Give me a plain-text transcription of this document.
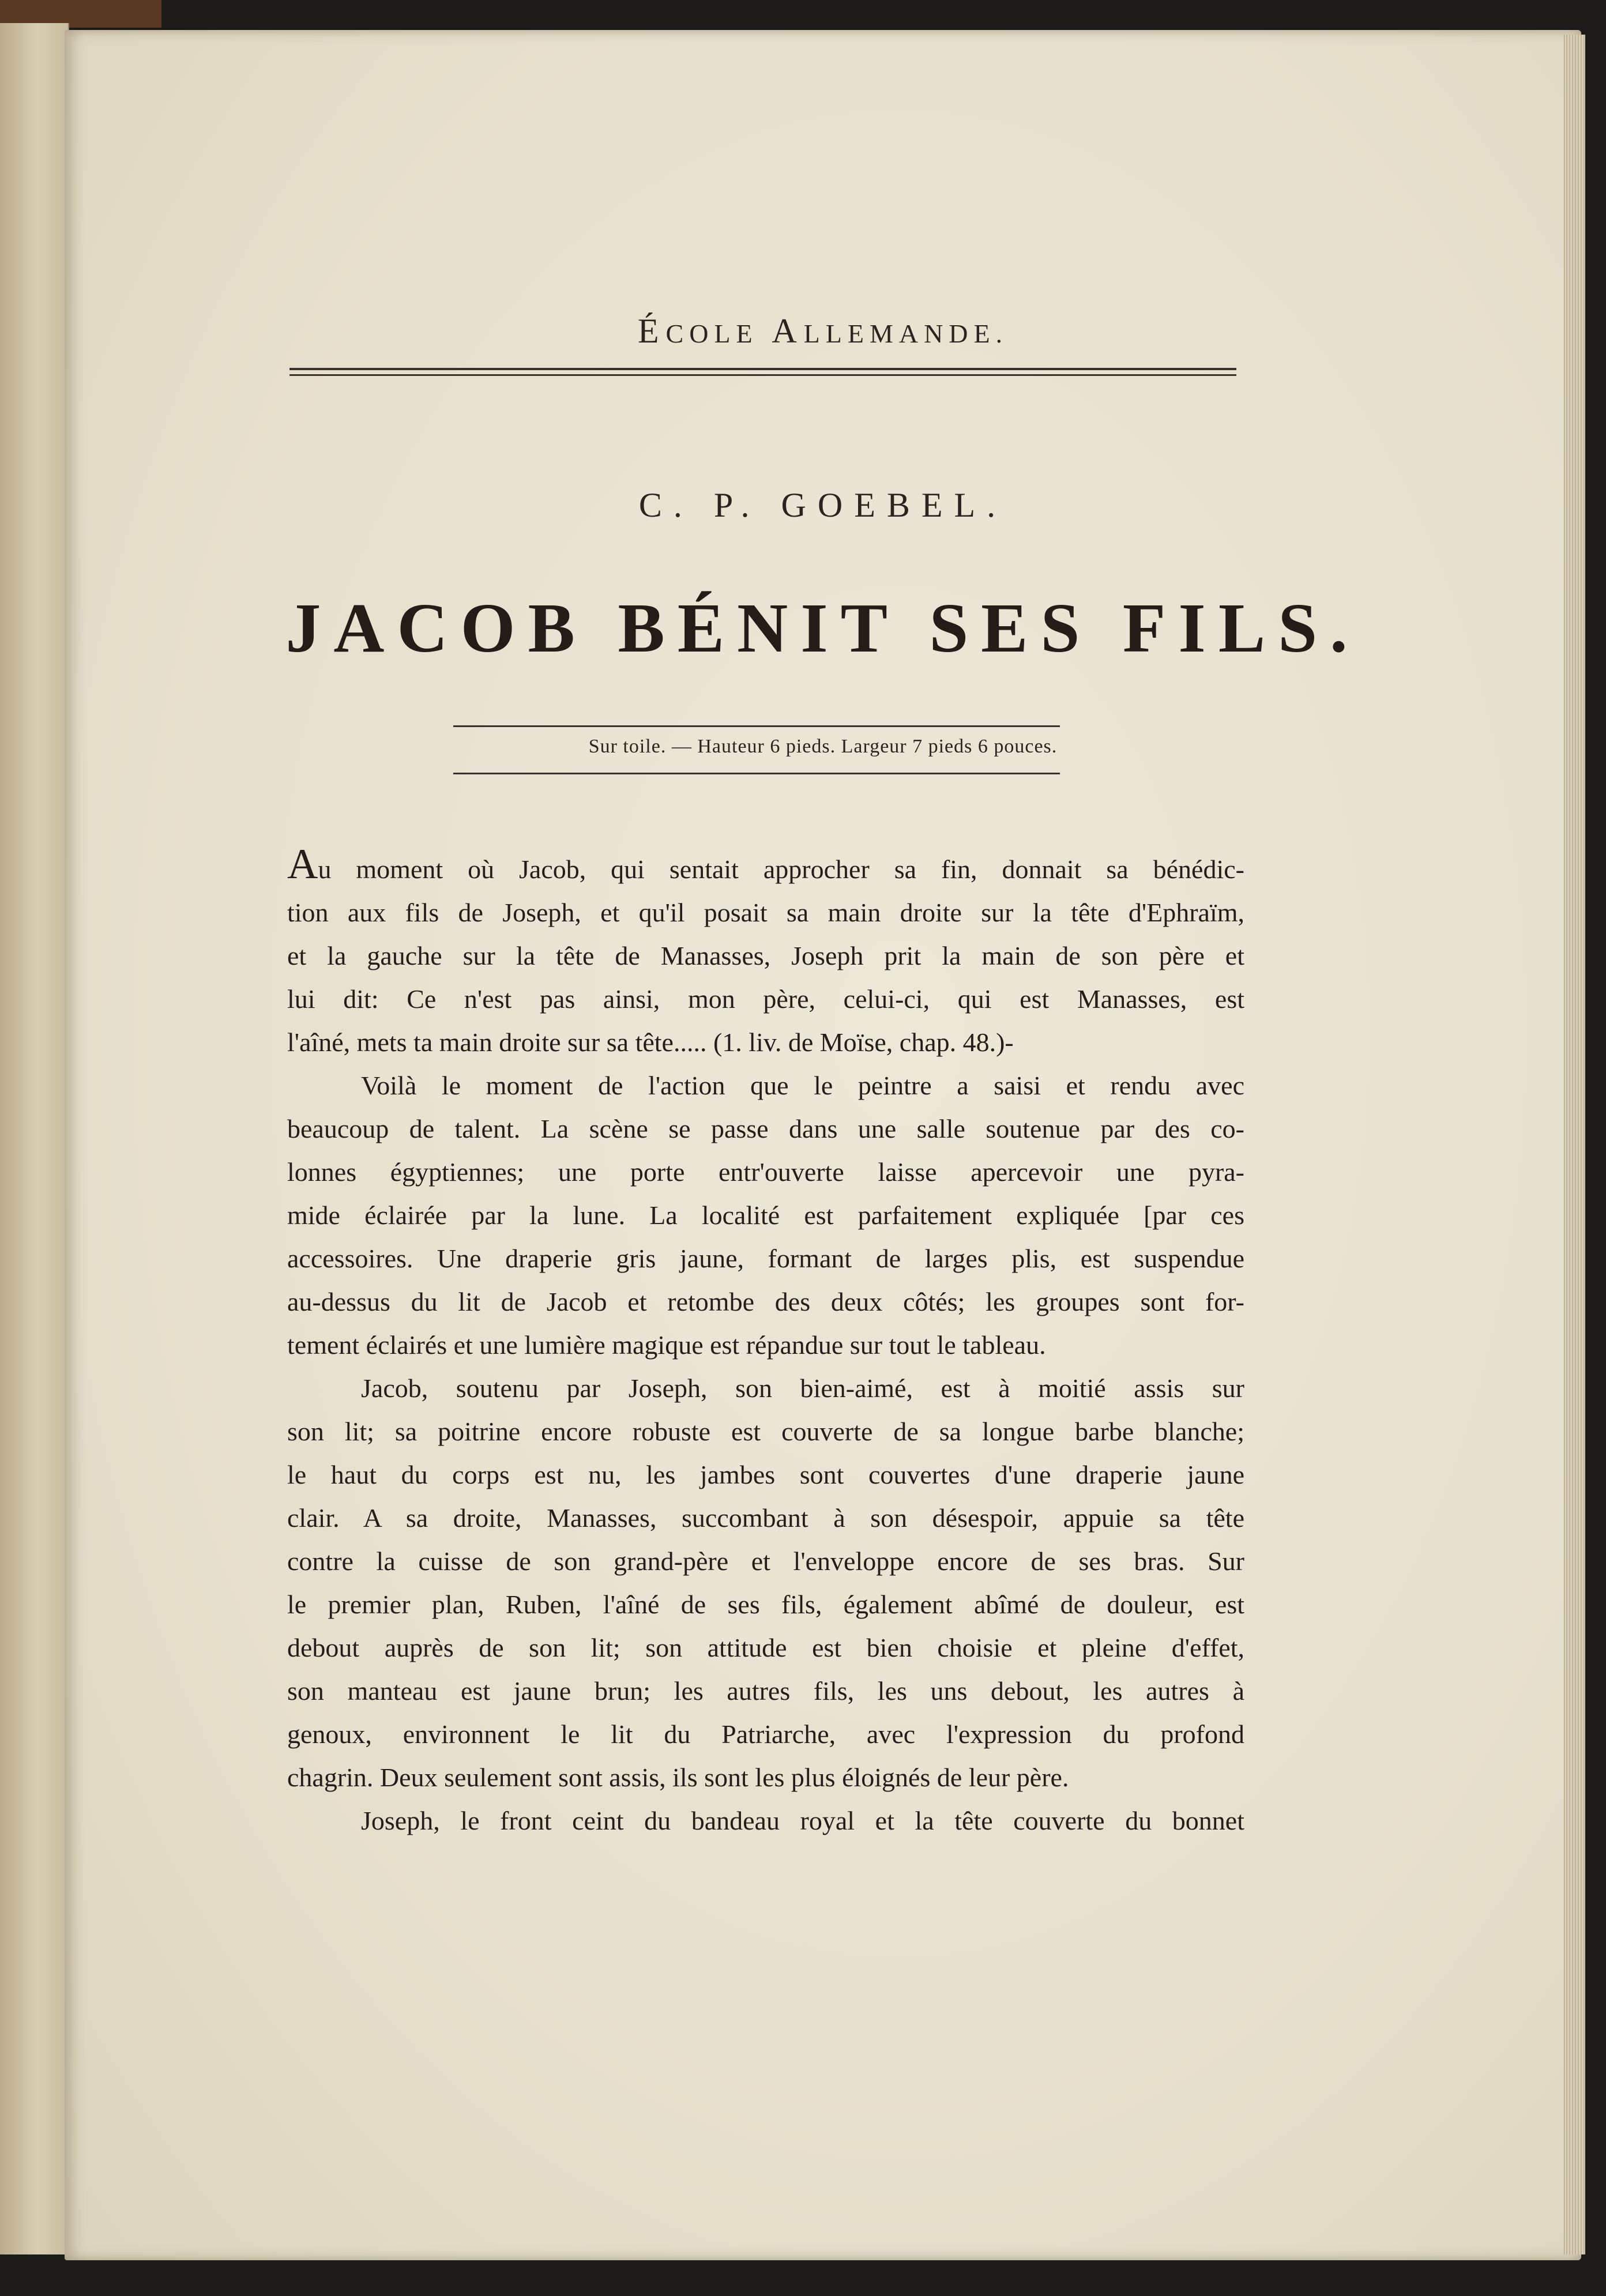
ÉCOLE ALLEMANDE.
C. P. GOEBEL.
JACOB BÉNIT SES FILS.
Sur toile. — Hauteur 6 pieds. Largeur 7 pieds 6 pouces.
Au moment où Jacob, qui sentait approcher sa fin, donnait sa bénédic-
tion aux fils de Joseph, et qu'il posait sa main droite sur la tête d'Ephraïm,
et la gauche sur la tête de Manasses, Joseph prit la main de son père et
lui dit: Ce n'est pas ainsi, mon père, celui-ci, qui est Manasses, est
l'aîné, mets ta main droite sur sa tête..... (1. liv. de Moïse, chap. 48.)-
Voilà le moment de l'action que le peintre a saisi et rendu avec
beaucoup de talent. La scène se passe dans une salle soutenue par des co-
lonnes égyptiennes; une porte entr'ouverte laisse apercevoir une pyra-
mide éclairée par la lune. La localité est parfaitement expliquée [par ces
accessoires. Une draperie gris jaune, formant de larges plis, est suspendue
au-dessus du lit de Jacob et retombe des deux côtés; les groupes sont for-
tement éclairés et une lumière magique est répandue sur tout le tableau.
Jacob, soutenu par Joseph, son bien-aimé, est à moitié assis sur
son lit; sa poitrine encore robuste est couverte de sa longue barbe blanche;
le haut du corps est nu, les jambes sont couvertes d'une draperie jaune
clair. A sa droite, Manasses, succombant à son désespoir, appuie sa tête
contre la cuisse de son grand-père et l'enveloppe encore de ses bras. Sur
le premier plan, Ruben, l'aîné de ses fils, également abîmé de douleur, est
debout auprès de son lit; son attitude est bien choisie et pleine d'effet,
son manteau est jaune brun; les autres fils, les uns debout, les autres à
genoux, environnent le lit du Patriarche, avec l'expression du profond
chagrin. Deux seulement sont assis, ils sont les plus éloignés de leur père.
Joseph, le front ceint du bandeau royal et la tête couverte du bonnet
